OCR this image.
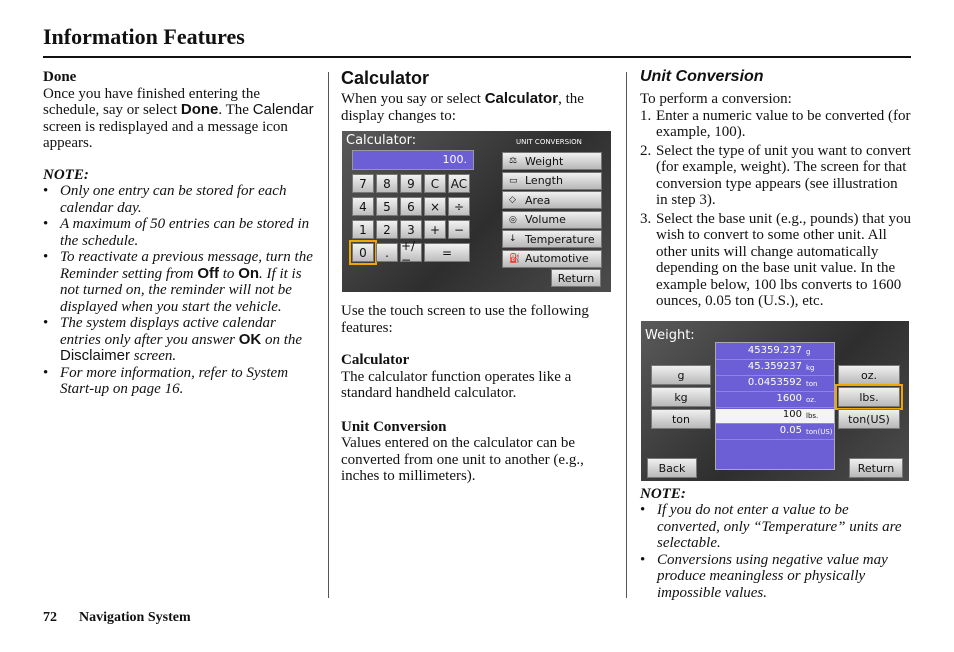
Information Features

Done

Once you have finished entering the schedule, say or select Done. The Calendar screen is redisplayed and a message icon appears.

NOTE:

• Only one entry can be stored for each calendar day.
• A maximum of 50 entries can be stored in the schedule.
• To reactivate a previous message, turn the Reminder setting from Off to On. If it is not turned on, the reminder will not be displayed when you start the vehicle.
• The system displays active calendar entries only after you answer OK on the Disclaimer screen.
• For more information, refer to System Start-up on page 16.
Calculator

When you say or select Calculator, the display changes to:

Use the touch screen to use the following features:

Calculator

The calculator function operates like a standard handheld calculator.

Unit Conversion

Values entered on the calculator can be converted from one unit to another (e.g., inches to millimeters).

Calculator:	UNIT CONVERSION
100.
7	8	9	C AC
4	5	6	×	÷
1	2	3	+	−
0	.	+/−	=
⚖ Weight
▭ Length
◇ Area
◎ Volume
↓ Temperature
⛽ Automotive
Return
Unit Conversion

To perform a conversion:

1. Enter a numeric value to be converted (for example, 100).
2. Select the type of unit you want to convert (for example, weight). The screen for that conversion type appears (see illustration in step 3).
3. Select the base unit (e.g., pounds) that you wish to convert to some other unit. All other units will change automatically depending on the base unit value. In the example below, 100 lbs converts to 1600 ounces, 0.05 ton (U.S.), etc.

NOTE:

• If you do not enter a value to be converted, only “Temperature” units are selectable.
• Conversions using negative value may produce meaningless or physically impossible values.
Weight:
45359.237 g
45.359237 kg
0.0453592 ton
1600 oz.
100 lbs.
0.05 ton(US)
g
kg
ton
oz.
lbs.
ton(US)
Back	Return
72 Navigation System
